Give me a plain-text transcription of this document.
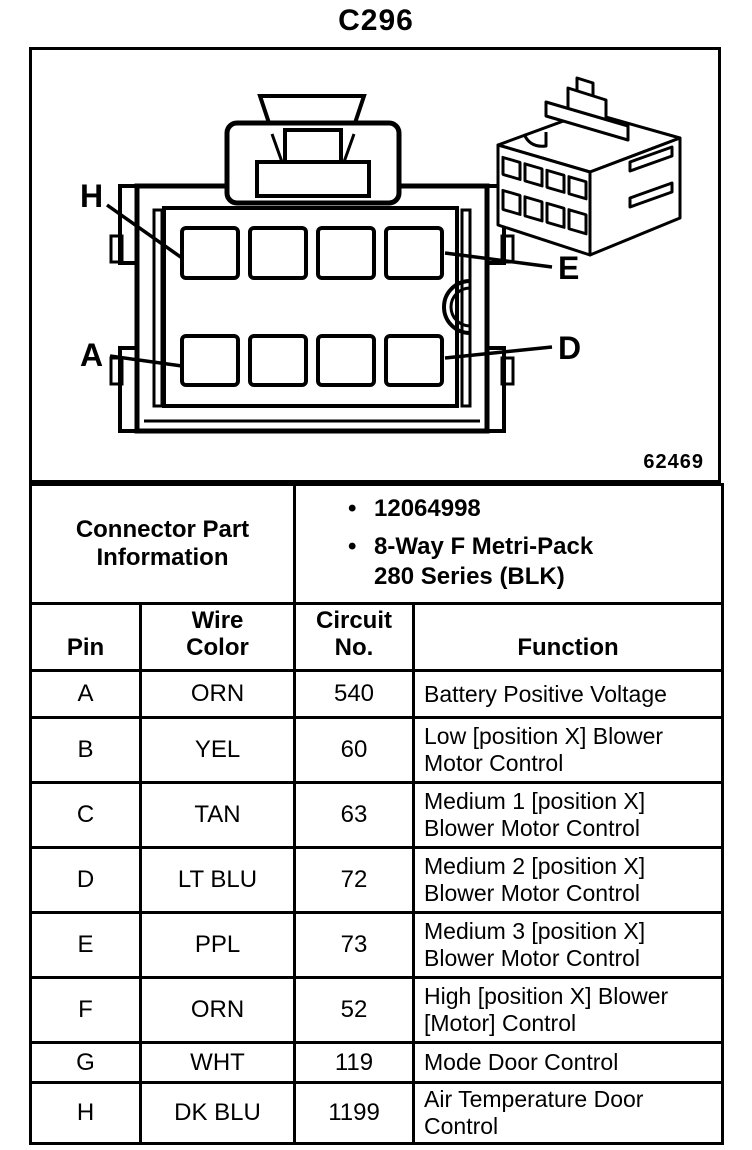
C296
H
A
E
D
62469
Connector Part Information	
• 12064998
• 8-Way F Metri-Pack 280 Series (BLK)

Pin	Wire Color	Circuit No.	Function
A	ORN	540	Battery Positive Voltage
B	YEL	60	Low [position X] Blower Motor Control
C	TAN	63	Medium 1 [position X] Blower Motor Control
D	LT BLU	72	Medium 2 [position X] Blower Motor Control
E	PPL	73	Medium 3 [position X] Blower Motor Control
F	ORN	52	High [position X] Blower [Motor] Control
G	WHT	119	Mode Door Control
H	DK BLU	1199	Air Temperature Door Control
